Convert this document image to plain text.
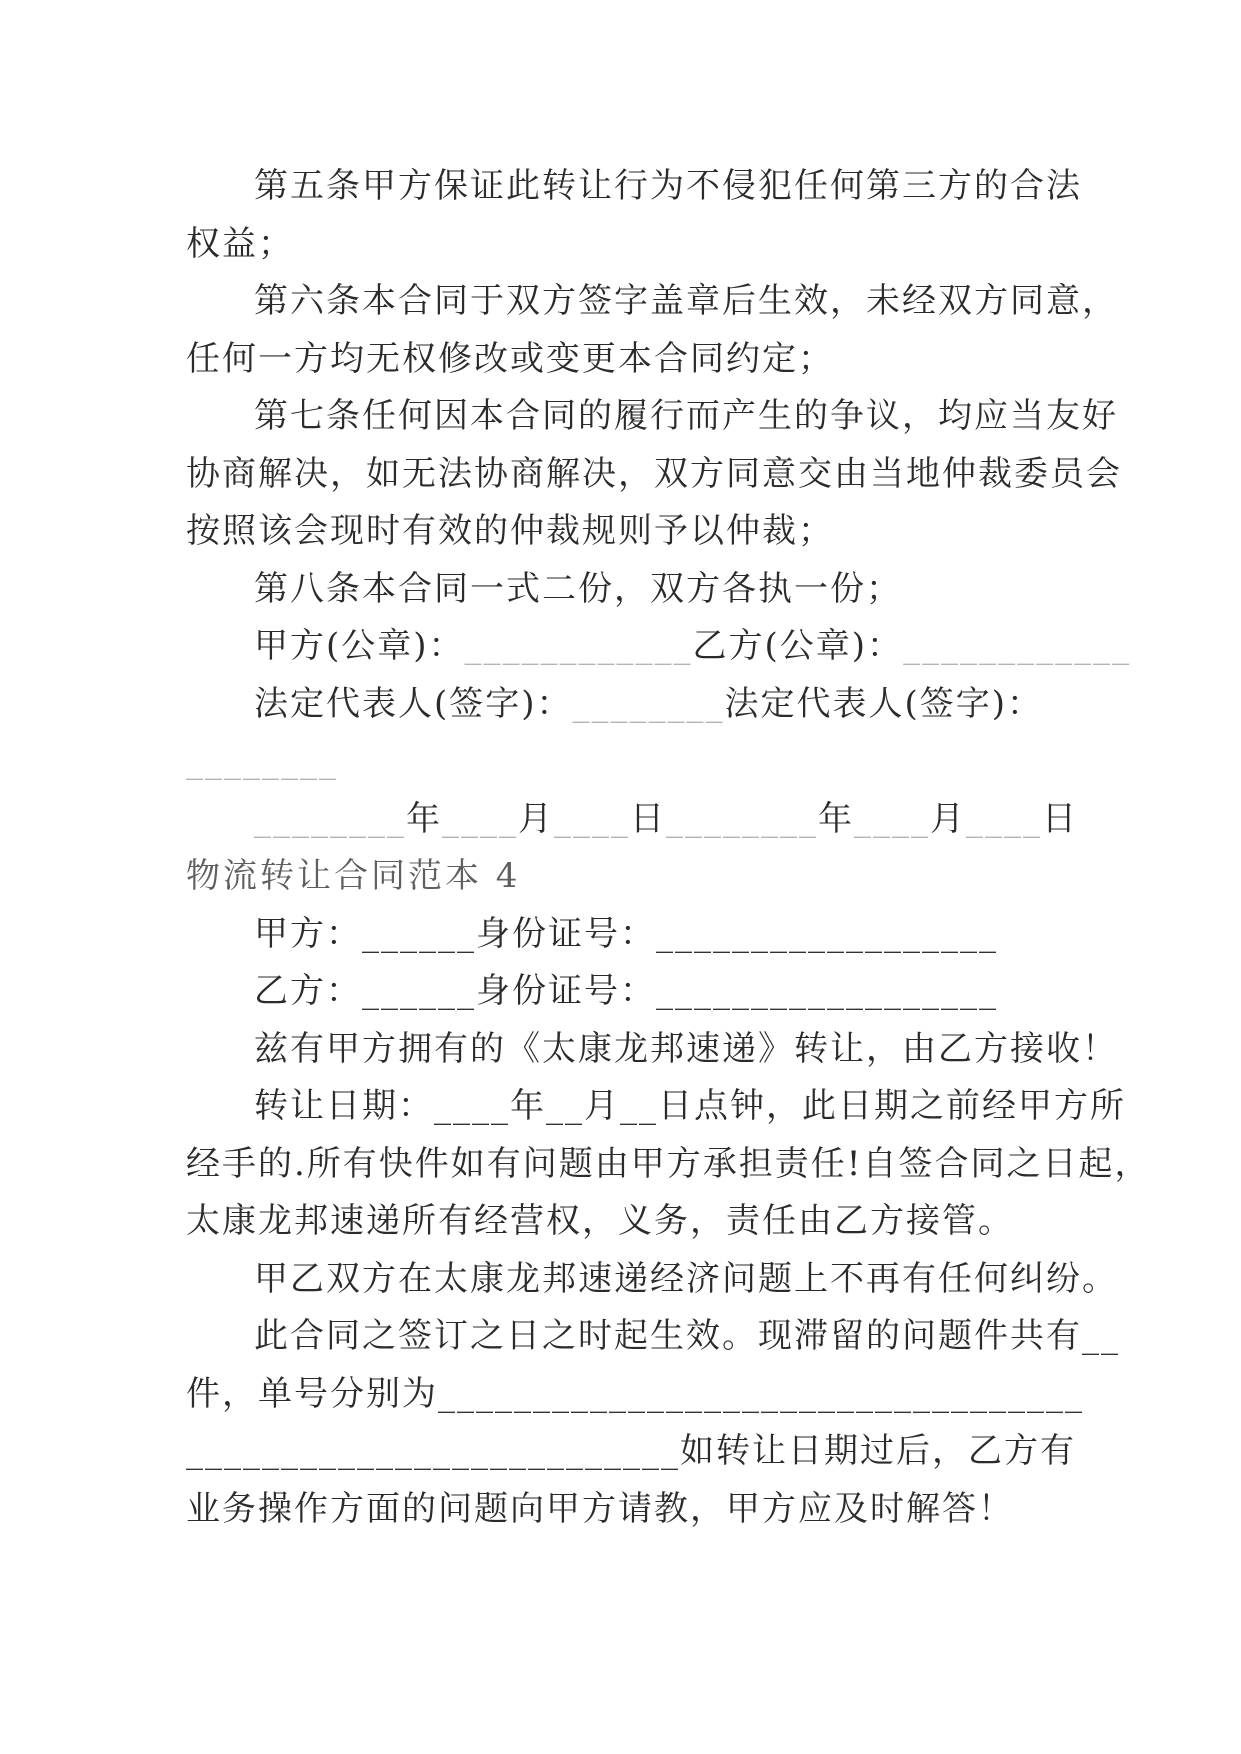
第五条甲方保证此转让行为不侵犯任何第三方的合法
权益；
第六条本合同于双方签字盖章后生效，未经双方同意，
任何一方均无权修改或变更本合同约定；
第七条任何因本合同的履行而产生的争议，均应当友好
协商解决，如无法协商解决，双方同意交由当地仲裁委员会
按照该会现时有效的仲裁规则予以仲裁；
第八条本合同一式二份，双方各执一份；
甲方(公章)：____________乙方(公章)：____________
法定代表人(签字)：________法定代表人(签字)：
________
________年____月____日________年____月____日
物流转让合同范本 4
甲方：______身份证号：__________________
乙方：______身份证号：__________________
兹有甲方拥有的《太康龙邦速递》转让，由乙方接收！
转让日期：____年__月__日点钟，此日期之前经甲方所
经手的.所有快件如有问题由甲方承担责任!自签合同之日起，
太康龙邦速递所有经营权，义务，责任由乙方接管。
甲乙双方在太康龙邦速递经济问题上不再有任何纠纷。
此合同之签订之日之时起生效。现滞留的问题件共有__
件，单号分别为__________________________________
__________________________如转让日期过后，乙方有
业务操作方面的问题向甲方请教，甲方应及时解答！
